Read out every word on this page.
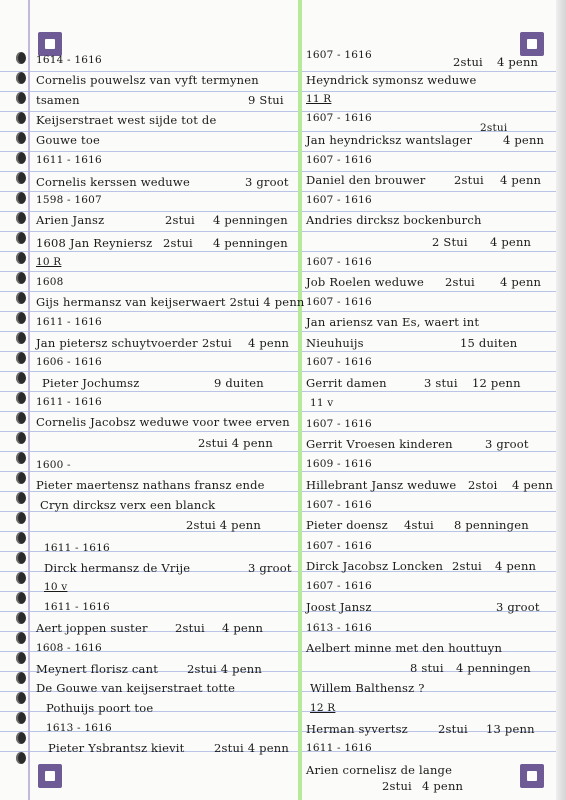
1614 - 1616
Cornelis pouwelsz van vyft termynen
tsamen	9 Stui
Keijserstraet west sijde tot de
Gouwe toe
1611 - 1616
Cornelis kerssen weduwe	3 groot
1598 - 1607
Arien Jansz	2stui 4 penningen
1608 Jan Reyniersz 2stui 4 penningen
10 R
1608
Gijs hermansz van keijserwaert 2stui 4 penn
1611 - 1616
Jan pietersz schuytvoerder 2stui 4 penn
1606 - 1616
Pieter Jochumsz	9 duiten
1611 - 1616
Cornelis Jacobsz weduwe voor twee erven
2stui 4 penn
1600 -
Pieter maertensz nathans fransz ende
Cryn dircksz verx een blanck
2stui 4 penn
1611 - 1616
Dirck hermansz de Vrije	3 groot
10 v
1611 - 1616
Aert joppen suster 2stui 4 penn
1608 - 1616
Meynert florisz cant	2stui 4 penn
De Gouwe van keijserstraet totte
Pothuijs poort toe
1613 - 1616
Pieter Ysbrantsz kievit	2stui 4 penn
1607 - 1616	2stui 4 penn
Heyndrick symonsz weduwe
11 R
1607 - 1616
2stui
Jan heyndricksz wantslager	4 penn
1607 - 1616
Daniel den brouwer 2stui 4 penn
1607 - 1616
Andries dircksz bockenburch
2 Stui 4 penn
1607 - 1616
Job Roelen weduwe 2stui 4 penn
1607 - 1616
Jan ariensz van Es, waert int
Nieuhuijs	15 duiten
1607 - 1616
Gerrit damen	3 stui 12 penn
11 v
1607 - 1616
Gerrit Vroesen kinderen	3 groot
1609 - 1616
Hillebrant Jansz weduwe 2stoi 4 penn
1607 - 1616
Pieter doensz 4stui 8 penningen
1607 - 1616
Dirck Jacobsz Loncken 2stui 4 penn
1607 - 1616
Joost Jansz	3 groot
1613 - 1616
Aelbert minne met den houttuyn
8 stui 4 penningen
Willem Balthensz ?
12 R
Herman syvertsz	2stui 13 penn
1611 - 1616
Arien cornelisz de lange
2stui 4 penn
